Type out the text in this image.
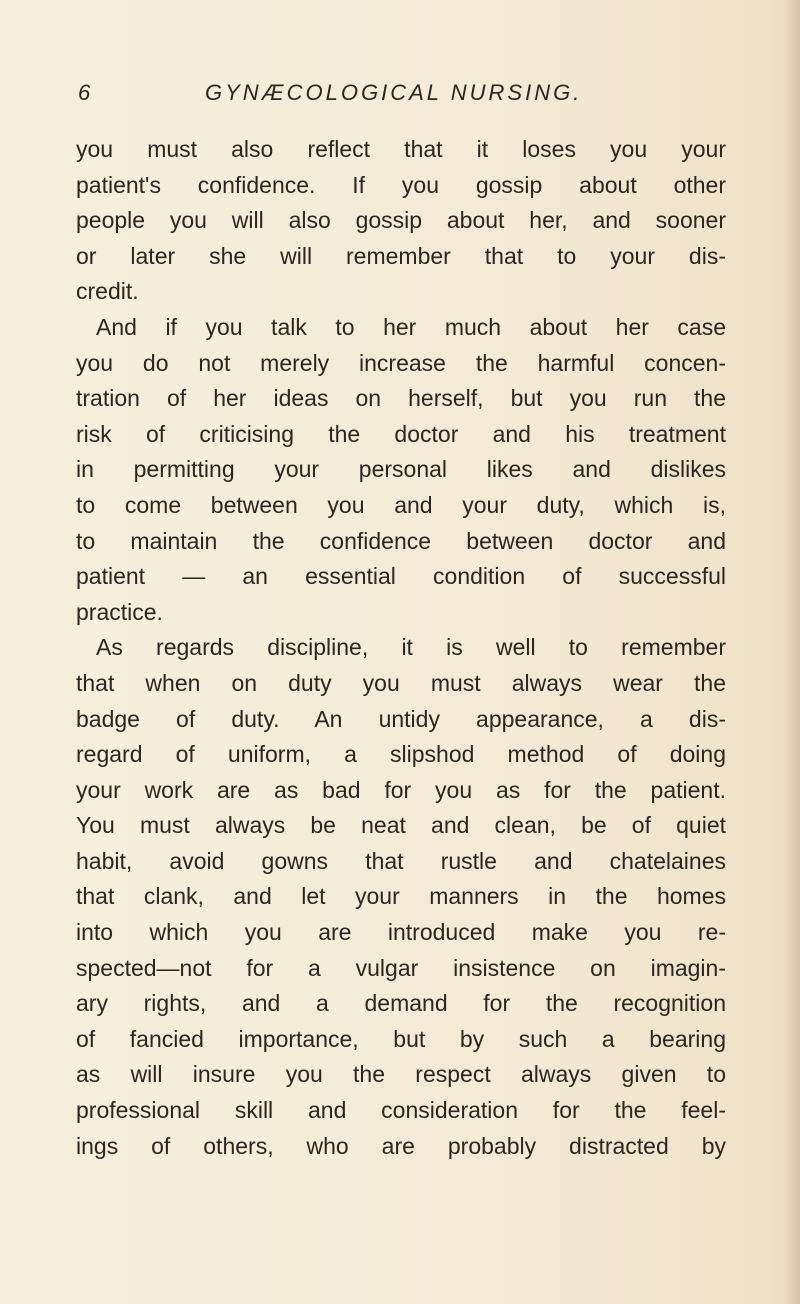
6	GYNÆCOLOGICAL NURSING.
you must also reflect that it loses you your
patient's confidence. If you gossip about other
people you will also gossip about her, and sooner
or later she will remember that to your dis-
credit.
And if you talk to her much about her case
you do not merely increase the harmful concen-
tration of her ideas on herself, but you run the
risk of criticising the doctor and his treatment
in permitting your personal likes and dislikes
to come between you and your duty, which is,
to maintain the confidence between doctor and
patient — an essential condition of successful
practice.
As regards discipline, it is well to remember
that when on duty you must always wear the
badge of duty. An untidy appearance, a dis-
regard of uniform, a slipshod method of doing
your work are as bad for you as for the patient.
You must always be neat and clean, be of quiet
habit, avoid gowns that rustle and chatelaines
that clank, and let your manners in the homes
into which you are introduced make you re-
spected—not for a vulgar insistence on imagin-
ary rights, and a demand for the recognition
of fancied importance, but by such a bearing
as will insure you the respect always given to
professional skill and consideration for the feel-
ings of others, who are probably distracted by
